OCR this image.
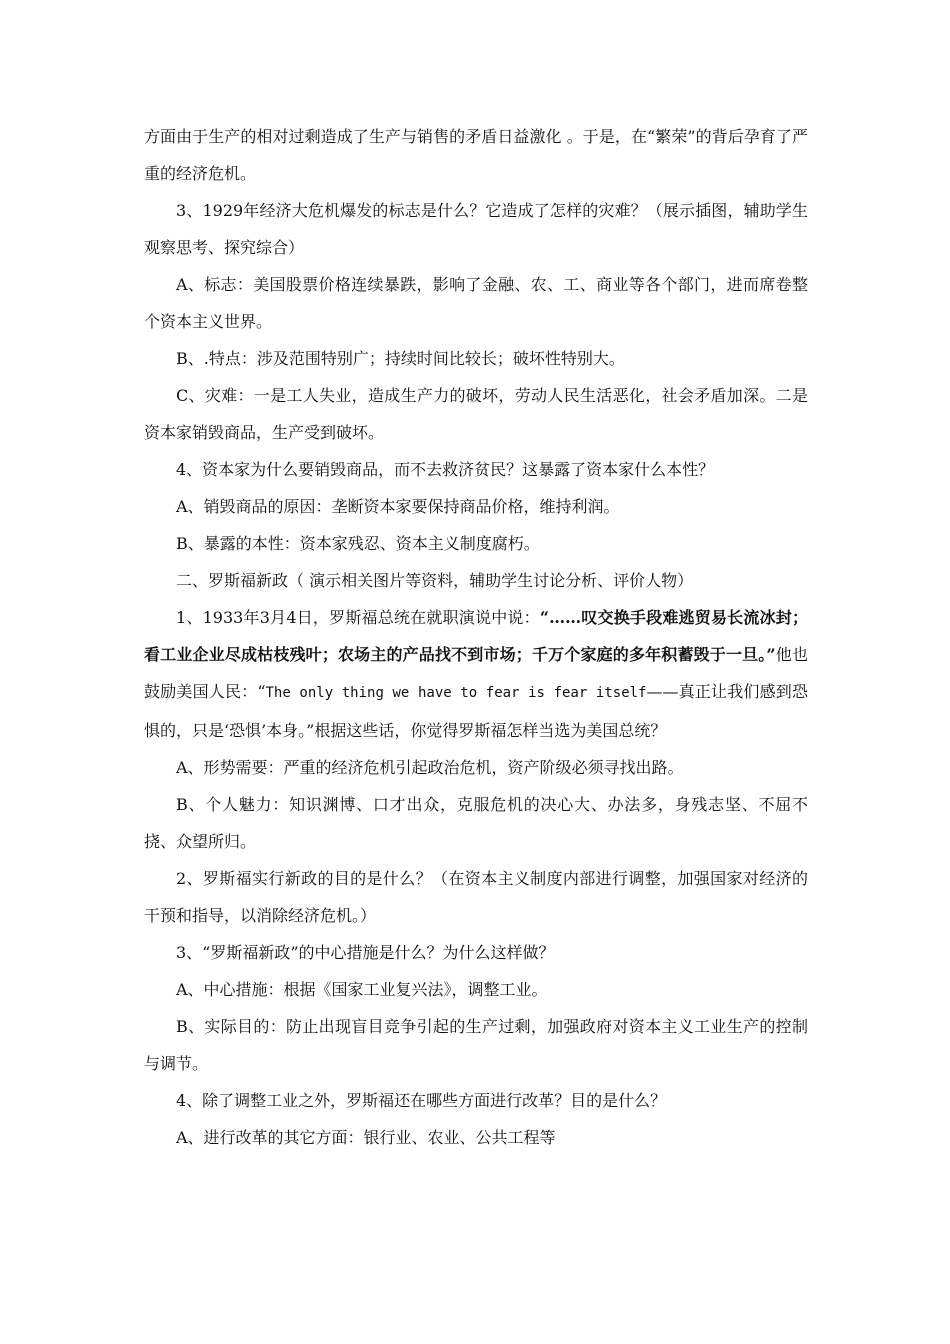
方面由于生产的相对过剩造成了生产与销售的矛盾日益激化 。于是，在“繁荣”的背后孕育了严重的经济危机。

3、1929年经济大危机爆发的标志是什么？它造成了怎样的灾难？（展示插图，辅助学生观察思考、探究综合）

A、标志：美国股票价格连续暴跌，影响了金融、农、工、商业等各个部门，进而席卷整个资本主义世界。

B、.特点：涉及范围特别广；持续时间比较长；破坏性特别大。

C、灾难：一是工人失业，造成生产力的破坏，劳动人民生活恶化，社会矛盾加深。二是资本家销毁商品，生产受到破坏。

4、资本家为什么要销毁商品，而不去救济贫民？这暴露了资本家什么本性？

A、销毁商品的原因：垄断资本家要保持商品价格，维持利润。

B、暴露的本性：资本家残忍、资本主义制度腐朽。

二、罗斯福新政（ 演示相关图片等资料，辅助学生讨论分析、评价人物）

1、1933年3月4日，罗斯福总统在就职演说中说：“……叹交换手段难逃贸易长流冰封；看工业企业尽成枯枝残叶；农场主的产品找不到市场；千万个家庭的多年积蓄毁于一旦。”他也鼓励美国人民：“The only thing we have to fear is fear itself——真正让我们感到恐惧的，只是‘恐惧’本身。”根据这些话，你觉得罗斯福怎样当选为美国总统？

A、形势需要：严重的经济危机引起政治危机，资产阶级必须寻找出路。

B、个人魅力：知识渊博、口才出众，克服危机的决心大、办法多，身残志坚、不屈不挠、众望所归。

2、罗斯福实行新政的目的是什么？（在资本主义制度内部进行调整，加强国家对经济的干预和指导，以消除经济危机。）

3、“罗斯福新政”的中心措施是什么？为什么这样做？

A、中心措施：根据《国家工业复兴法》，调整工业。

B、实际目的：防止出现盲目竞争引起的生产过剩，加强政府对资本主义工业生产的控制与调节。

4、除了调整工业之外，罗斯福还在哪些方面进行改革？目的是什么？

A、进行改革的其它方面：银行业、农业、公共工程等
